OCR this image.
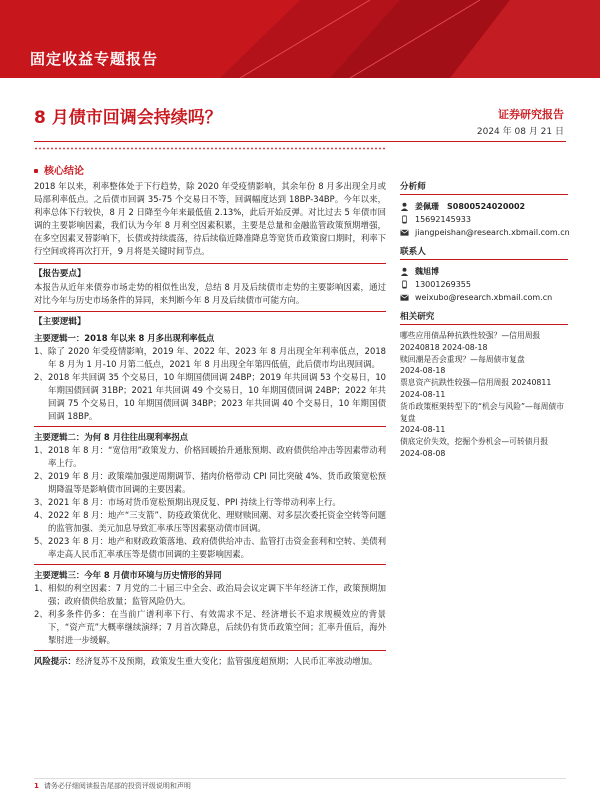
固定收益专题报告
8 月债市回调会持续吗？	证券研究报告
2024 年 08 月 21 日
核心结论
2018 年以来，利率整体处于下行趋势，除 2020 年受疫情影响，其余年份 8 月多出现全月或局部利率低点。之后债市回调 35-75 个交易日不等，回调幅度达到 18BP-34BP。今年以来，利率总体下行较快，8 月 2 日降至今年来最低值 2.13%，此后开始反弹。对比过去 5 年债市回调的主要影响因素，我们认为今年 8 月利空因素积累，主要是总量和金融监管政策预期增强，在多空因素叉替影响下，长债或持续震荡，待后续临近降准降息等宽货币政策窗口期时，利率下行空间或将再次打开，9 月将是关键时间节点。
【报告要点】
本报告从近年来债券市场走势的相似性出发，总结 8 月及后续债市走势的主要影响因素，通过对比今年与历史市场条件的异同，来判断今年 8 月及后续债市可能方向。
【主要逻辑】
主要逻辑一：2018 年以来 8 月多出现利率低点
1、 除了 2020 年受疫情影响，2019 年、2022 年、2023 年 8 月出现全年利率低点，2018 年 8 月为 1 月-10 月第二低点，2021 年 8 月出现全年第四低值，此后债市均出现回调。
2、 2018 年共回调 35 个交易日，10 年期国债回调 24BP；2019 年共回调 53 个交易日，10 年期国债回调 31BP；2021 年共回调 49 个交易日，10 年期国债回调 24BP；2022 年共回调 75 个交易日，10 年期国债回调 34BP；2023 年共回调 40 个交易日，10 年期国债回调 18BP。
主要逻辑二：为何 8 月往往出现利率拐点
1、 2018 年 8 月：“宽信用”政策发力、价格回暖抬升通胀预期、政府债供给冲击等因素带动利率上行。
2、 2019 年 8 月：政策端加强逆周期调节、猪肉价格带动 CPI 同比突破 4%、货币政策宽松预期降温等是影响债市回调的主要因素。
3、 2021 年 8 月：市场对货币宽松预期出现反复、PPI 持续上行等带动利率上行。
4、 2022 年 8 月：地产“三支箭”、防疫政策优化、理财赎回潮、对多层次委托资金空转等问题的监管加强、美元加息导致汇率承压等因素驱动债市回调。
5、 2023 年 8 月：地产和财政政策落地、政府债供给冲击、监管打击资金套利和空转、美债利率走高人民币汇率承压等是债市回调的主要影响因素。
主要逻辑三：今年 8 月债市环境与历史情形的异同
1、 相似的利空因素：7 月党的二十届三中全会、政治局会议定调下半年经济工作，政策预期加强；政府债供给放量；监管风险仍大。
2、 利多条件仍多：在当前广谱利率下行、有效需求不足、经济增长不追求规模效应的背景下，“资产荒”大概率继续演绎；7 月首次降息，后续仍有货币政策空间；汇率升值后，海外掣肘进一步缓解。
风险提示：经济复苏不及预期，政策发生重大变化；监管强度超预期；人民币汇率波动增加。
分析师
姜佩珊 S0800524020002
15692145933
jiangpeishan@research.xbmail.com.cn
联系人
魏旭博
13001269355
weixubo@research.xbmail.com.cn
相关研究
哪些应用债品种抗跌性较强？—信用周报
20240818 2024-08-18
赎回潮是否会重现？—每周债市复盘
2024-08-18
票息资产抗跌性较强—信用周报 20240811
2024-08-11
货币政策框架转型下的“机会与风险”—每周债市复盘
2024-08-11
债底定价失效，挖掘个券机会—可转债月报
2024-08-08
1 请务必仔细阅读报告尾部的投资评级说明和声明
